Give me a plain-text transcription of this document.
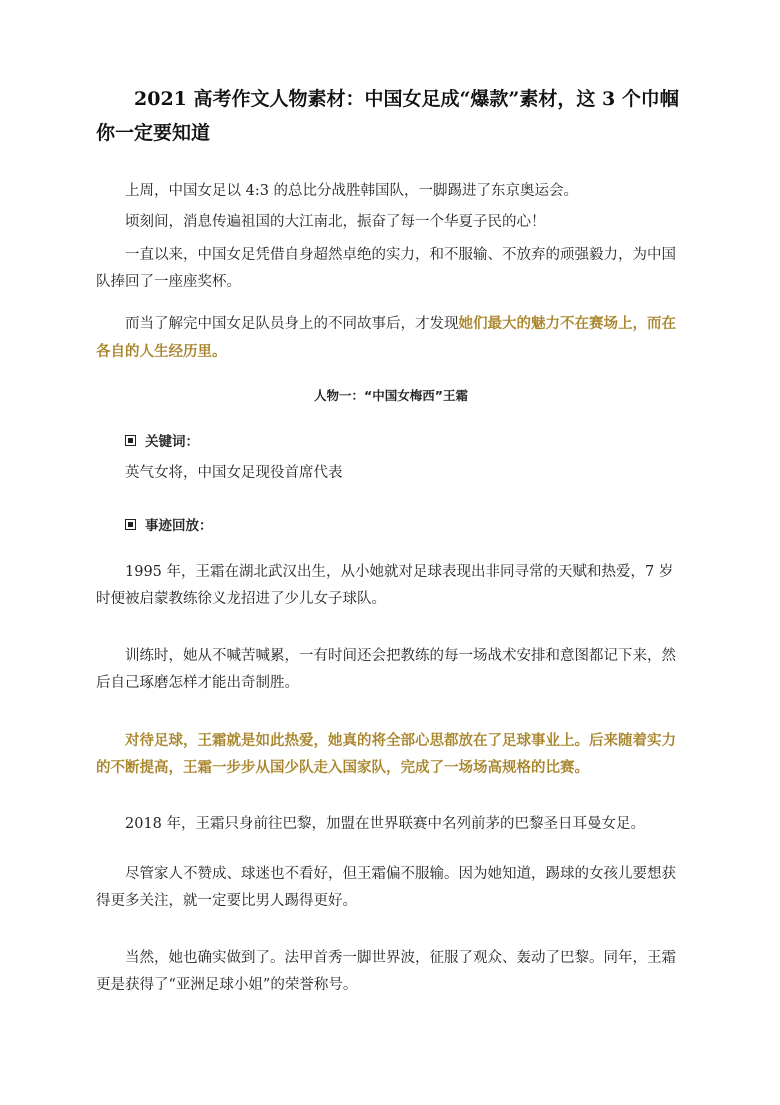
2021 高考作文人物素材：中国女足成“爆款”素材，这 3 个巾帼你一定要知道

上周，中国女足以 4:3 的总比分战胜韩国队，一脚踢进了东京奥运会。

顷刻间，消息传遍祖国的大江南北，振奋了每一个华夏子民的心！

一直以来，中国女足凭借自身超然卓绝的实力，和不服输、不放弃的顽强毅力，为中国队捧回了一座座奖杯。

而当了解完中国女足队员身上的不同故事后，才发现她们最大的魅力不在赛场上，而在各自的人生经历里。

人物一：“中国女梅西”王霜
关键词：

英气女将，中国女足现役首席代表

事迹回放：

1995 年，王霜在湖北武汉出生，从小她就对足球表现出非同寻常的天赋和热爱，7 岁时便被启蒙教练徐义龙招进了少儿女子球队。

训练时，她从不喊苦喊累，一有时间还会把教练的每一场战术安排和意图都记下来，然后自己琢磨怎样才能出奇制胜。

对待足球，王霜就是如此热爱，她真的将全部心思都放在了足球事业上。后来随着实力的不断提高，王霜一步步从国少队走入国家队，完成了一场场高规格的比赛。

2018 年，王霜只身前往巴黎，加盟在世界联赛中名列前茅的巴黎圣日耳曼女足。

尽管家人不赞成、球迷也不看好，但王霜偏不服输。因为她知道，踢球的女孩儿要想获得更多关注，就一定要比男人踢得更好。

当然，她也确实做到了。法甲首秀一脚世界波，征服了观众、轰动了巴黎。同年，王霜更是获得了“亚洲足球小姐”的荣誉称号。
